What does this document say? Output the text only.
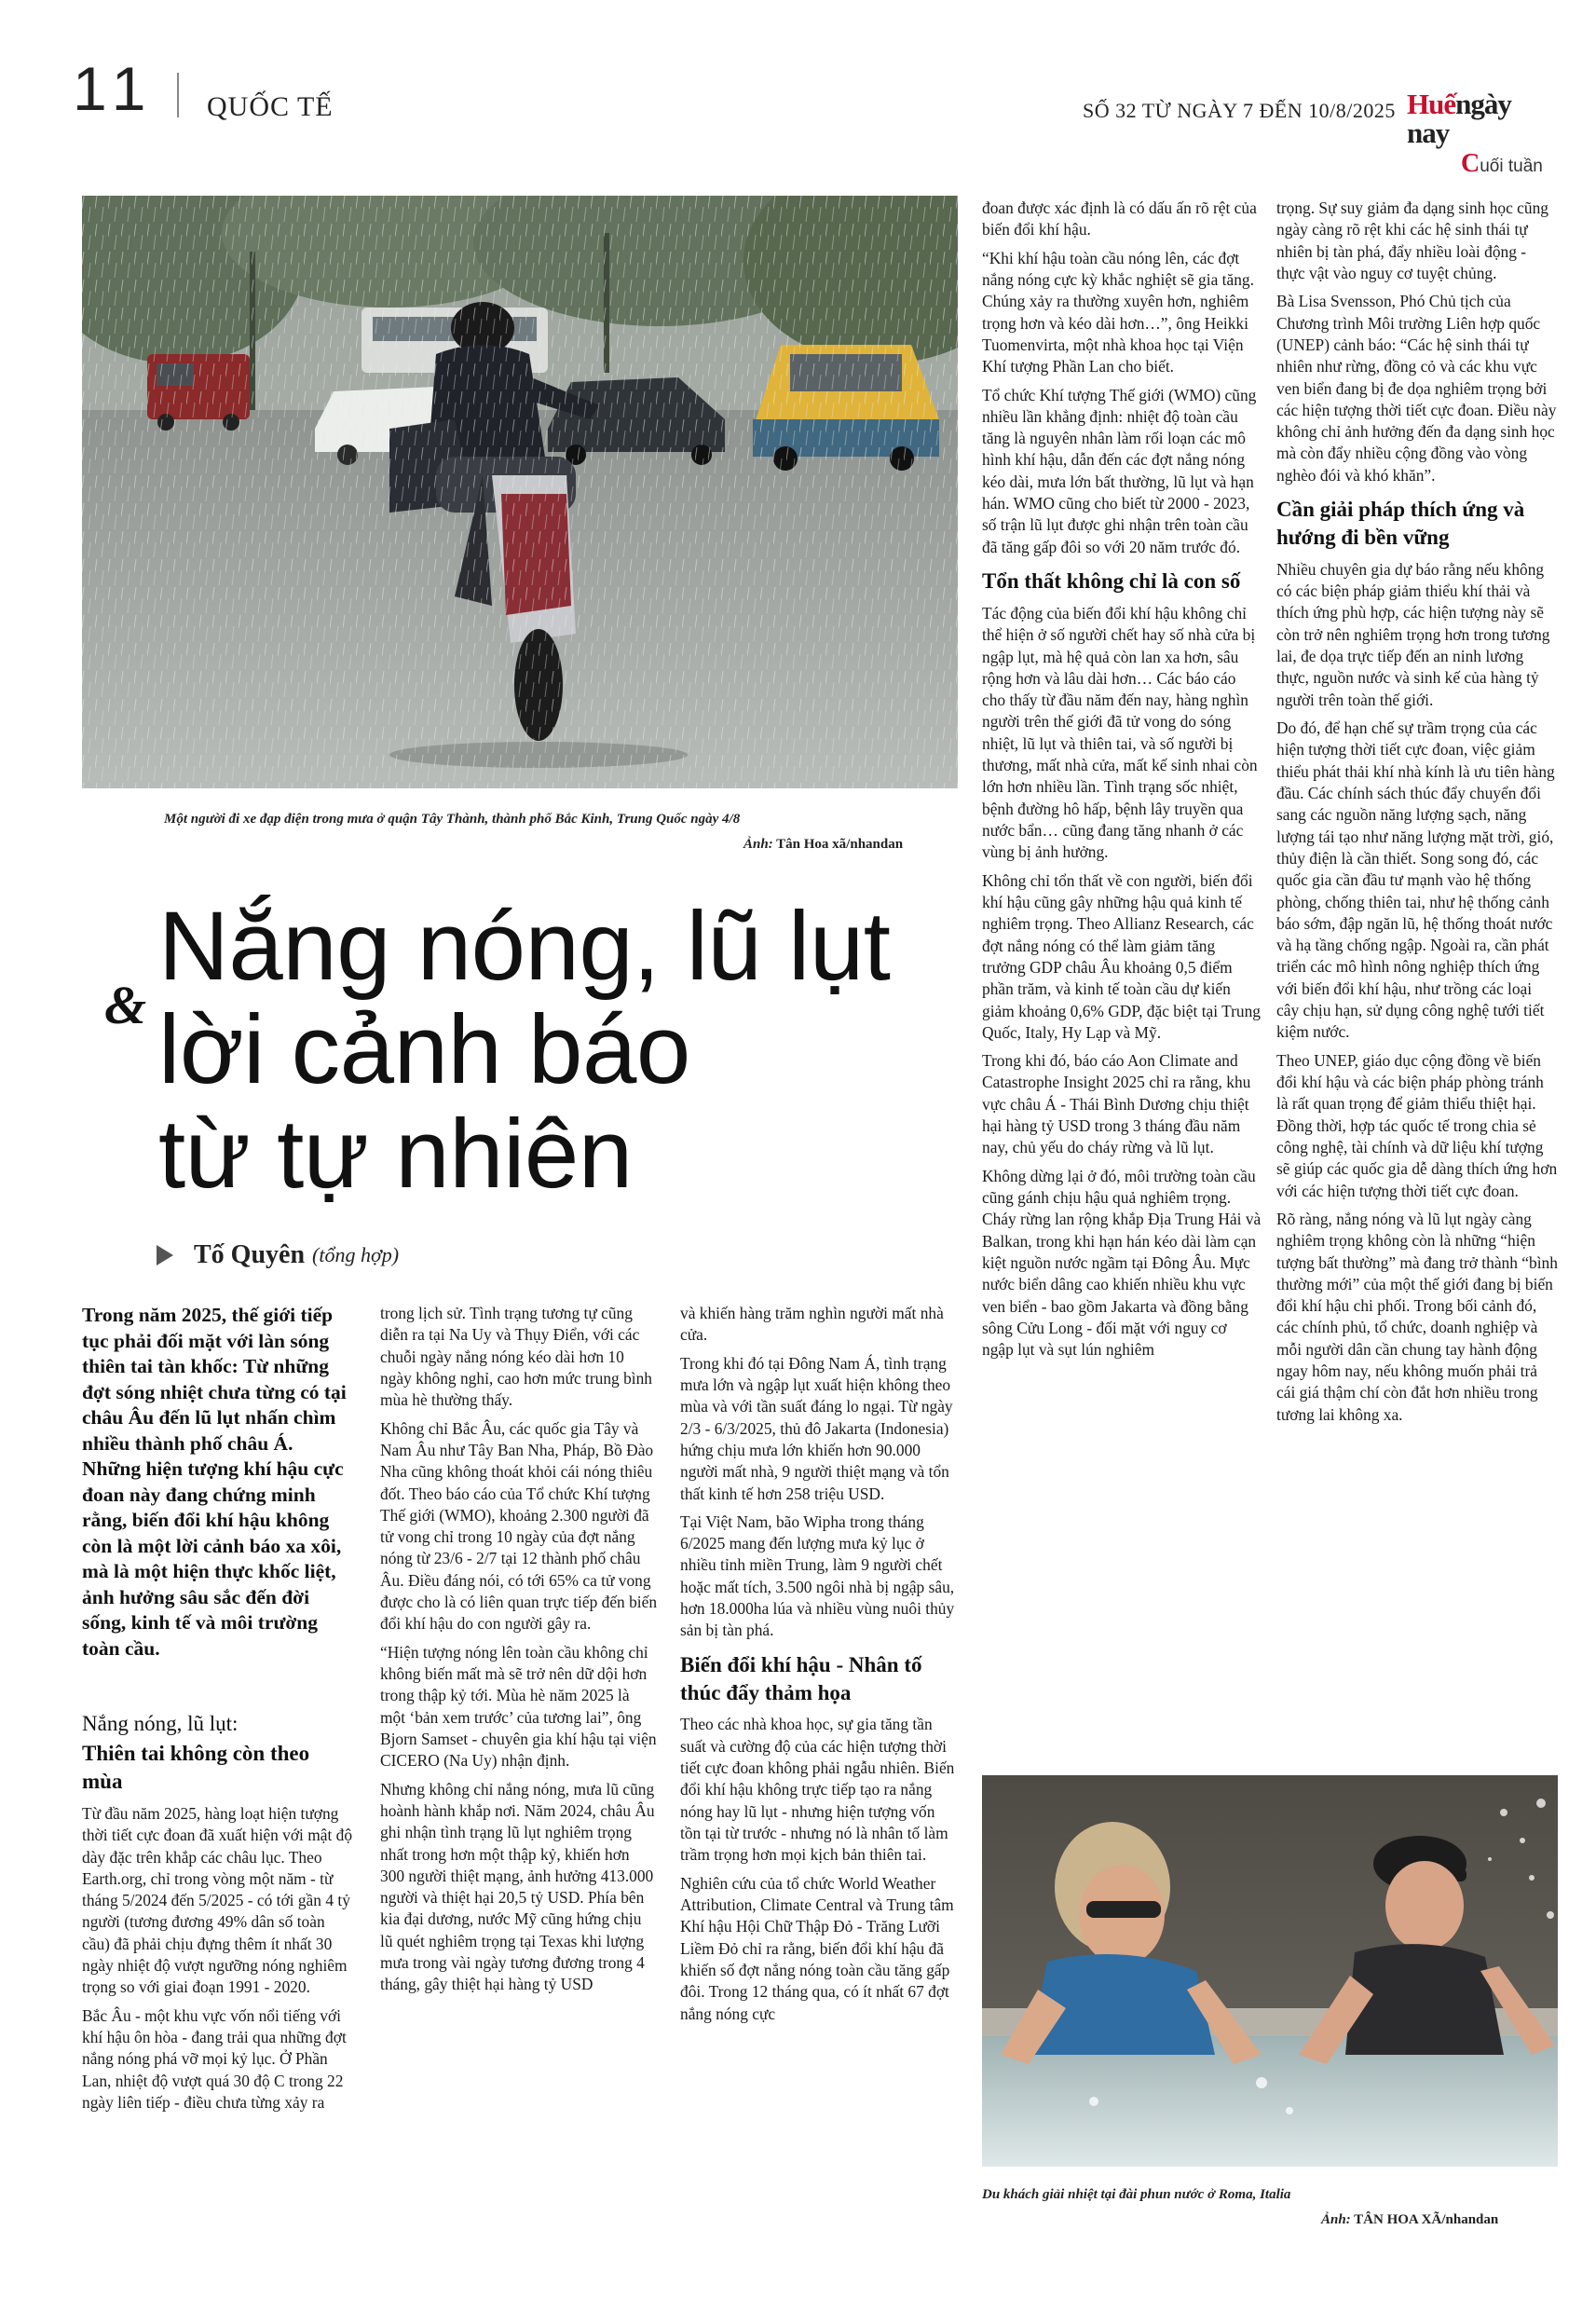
11 QUỐC TẾ	SỐ 32 TỪ NGÀY 7 ĐẾN 10/8/2025 Huếngày nay
Cuối tuần
Một người đi xe đạp điện trong mưa ở quận Tây Thành, thành phố Bắc Kinh, Trung Quốc ngày 4/8
Ảnh: Tân Hoa xã/nhandan
&
Nắng nóng, lũ lụt
lời cảnh báo
từ tự nhiên
Tố Quyên (tổng hợp)

Trong năm 2025, thế giới tiếp tục phải đối mặt với làn sóng thiên tai tàn khốc: Từ những đợt sóng nhiệt chưa từng có tại châu Âu đến lũ lụt nhấn chìm nhiều thành phố châu Á. Những hiện tượng khí hậu cực đoan này đang chứng minh rằng, biến đổi khí hậu không còn là một lời cảnh báo xa xôi, mà là một hiện thực khốc liệt, ảnh hưởng sâu sắc đến đời sống, kinh tế và môi trường toàn cầu.

Nắng nóng, lũ lụt:
Thiên tai không còn theo mùa

Từ đầu năm 2025, hàng loạt hiện tượng thời tiết cực đoan đã xuất hiện với mật độ dày đặc trên khắp các châu lục. Theo Earth.org, chỉ trong vòng một năm - từ tháng 5/2024 đến 5/2025 - có tới gần 4 tỷ người (tương đương 49% dân số toàn cầu) đã phải chịu đựng thêm ít nhất 30 ngày nhiệt độ vượt ngưỡng nóng nghiêm trọng so với giai đoạn 1991 - 2020.

Bắc Âu - một khu vực vốn nổi tiếng với khí hậu ôn hòa - đang trải qua những đợt nắng nóng phá vỡ mọi kỷ lục. Ở Phần Lan, nhiệt độ vượt quá 30 độ C trong 22 ngày liên tiếp - điều chưa từng xảy ra

trong lịch sử. Tình trạng tương tự cũng diễn ra tại Na Uy và Thụy Điển, với các chuỗi ngày nắng nóng kéo dài hơn 10 ngày không nghỉ, cao hơn mức trung bình mùa hè thường thấy.

Không chỉ Bắc Âu, các quốc gia Tây và Nam Âu như Tây Ban Nha, Pháp, Bồ Đào Nha cũng không thoát khỏi cái nóng thiêu đốt. Theo báo cáo của Tổ chức Khí tượng Thế giới (WMO), khoảng 2.300 người đã tử vong chỉ trong 10 ngày của đợt nắng nóng từ 23/6 - 2/7 tại 12 thành phố châu Âu. Điều đáng nói, có tới 65% ca tử vong được cho là có liên quan trực tiếp đến biến đổi khí hậu do con người gây ra.

“Hiện tượng nóng lên toàn cầu không chỉ không biến mất mà sẽ trở nên dữ dội hơn trong thập kỷ tới. Mùa hè năm 2025 là một ‘bản xem trước’ của tương lai”, ông Bjorn Samset - chuyên gia khí hậu tại viện CICERO (Na Uy) nhận định.

Nhưng không chỉ nắng nóng, mưa lũ cũng hoành hành khắp nơi. Năm 2024, châu Âu ghi nhận tình trạng lũ lụt nghiêm trọng nhất trong hơn một thập kỷ, khiến hơn 300 người thiệt mạng, ảnh hưởng 413.000 người và thiệt hại 20,5 tỷ USD. Phía bên kia đại dương, nước Mỹ cũng hứng chịu lũ quét nghiêm trọng tại Texas khi lượng mưa trong vài ngày tương đương trong 4 tháng, gây thiệt hại hàng tỷ USD

và khiến hàng trăm nghìn người mất nhà cửa.

Trong khi đó tại Đông Nam Á, tình trạng mưa lớn và ngập lụt xuất hiện không theo mùa và với tần suất đáng lo ngại. Từ ngày 2/3 - 6/3/2025, thủ đô Jakarta (Indonesia) hứng chịu mưa lớn khiến hơn 90.000 người mất nhà, 9 người thiệt mạng và tổn thất kinh tế hơn 258 triệu USD.

Tại Việt Nam, bão Wipha trong tháng 6/2025 mang đến lượng mưa kỷ lục ở nhiều tỉnh miền Trung, làm 9 người chết hoặc mất tích, 3.500 ngôi nhà bị ngập sâu, hơn 18.000ha lúa và nhiều vùng nuôi thủy sản bị tàn phá.

Biến đổi khí hậu - Nhân tố thúc đẩy thảm họa

Theo các nhà khoa học, sự gia tăng tần suất và cường độ của các hiện tượng thời tiết cực đoan không phải ngẫu nhiên. Biến đổi khí hậu không trực tiếp tạo ra nắng nóng hay lũ lụt - nhưng hiện tượng vốn tồn tại từ trước - nhưng nó là nhân tố làm trầm trọng hơn mọi kịch bản thiên tai.

Nghiên cứu của tổ chức World Weather Attribution, Climate Central và Trung tâm Khí hậu Hội Chữ Thập Đỏ - Trăng Lưỡi Liềm Đỏ chỉ ra rằng, biến đổi khí hậu đã khiến số đợt nắng nóng toàn cầu tăng gấp đôi. Trong 12 tháng qua, có ít nhất 67 đợt nắng nóng cực

đoan được xác định là có dấu ấn rõ rệt của biến đổi khí hậu.

“Khi khí hậu toàn cầu nóng lên, các đợt nắng nóng cực kỳ khắc nghiệt sẽ gia tăng. Chúng xảy ra thường xuyên hơn, nghiêm trọng hơn và kéo dài hơn…”, ông Heikki Tuomenvirta, một nhà khoa học tại Viện Khí tượng Phần Lan cho biết.

Tổ chức Khí tượng Thế giới (WMO) cũng nhiều lần khẳng định: nhiệt độ toàn cầu tăng là nguyên nhân làm rối loạn các mô hình khí hậu, dẫn đến các đợt nắng nóng kéo dài, mưa lớn bất thường, lũ lụt và hạn hán. WMO cũng cho biết từ 2000 - 2023, số trận lũ lụt được ghi nhận trên toàn cầu đã tăng gấp đôi so với 20 năm trước đó.

Tổn thất không chỉ là con số

Tác động của biến đổi khí hậu không chỉ thể hiện ở số người chết hay số nhà cửa bị ngập lụt, mà hệ quả còn lan xa hơn, sâu rộng hơn và lâu dài hơn… Các báo cáo cho thấy từ đầu năm đến nay, hàng nghìn người trên thế giới đã tử vong do sóng nhiệt, lũ lụt và thiên tai, và số người bị thương, mất nhà cửa, mất kế sinh nhai còn lớn hơn nhiều lần. Tình trạng sốc nhiệt, bệnh đường hô hấp, bệnh lây truyền qua nước bẩn… cũng đang tăng nhanh ở các vùng bị ảnh hưởng.

Không chỉ tổn thất về con người, biến đổi khí hậu cũng gây những hậu quả kinh tế nghiêm trọng. Theo Allianz Research, các đợt nắng nóng có thể làm giảm tăng trưởng GDP châu Âu khoảng 0,5 điểm phần trăm, và kinh tế toàn cầu dự kiến giảm khoảng 0,6% GDP, đặc biệt tại Trung Quốc, Italy, Hy Lạp và Mỹ.

Trong khi đó, báo cáo Aon Climate and Catastrophe Insight 2025 chỉ ra rằng, khu vực châu Á - Thái Bình Dương chịu thiệt hại hàng tỷ USD trong 3 tháng đầu năm nay, chủ yếu do cháy rừng và lũ lụt.

Không dừng lại ở đó, môi trường toàn cầu cũng gánh chịu hậu quả nghiêm trọng. Cháy rừng lan rộng khắp Địa Trung Hải và Balkan, trong khi hạn hán kéo dài làm cạn kiệt nguồn nước ngầm tại Đông Âu. Mực nước biển dâng cao khiến nhiều khu vực ven biển - bao gồm Jakarta và đồng bằng sông Cửu Long - đối mặt với nguy cơ ngập lụt và sụt lún nghiêm

trọng. Sự suy giảm đa dạng sinh học cũng ngày càng rõ rệt khi các hệ sinh thái tự nhiên bị tàn phá, đẩy nhiều loài động - thực vật vào nguy cơ tuyệt chủng.

Bà Lisa Svensson, Phó Chủ tịch của Chương trình Môi trường Liên hợp quốc (UNEP) cảnh báo: “Các hệ sinh thái tự nhiên như rừng, đồng cỏ và các khu vực ven biển đang bị đe dọa nghiêm trọng bởi các hiện tượng thời tiết cực đoan. Điều này không chỉ ảnh hưởng đến đa dạng sinh học mà còn đẩy nhiều cộng đồng vào vòng nghèo đói và khó khăn”.

Cần giải pháp thích ứng và hướng đi bền vững

Nhiều chuyên gia dự báo rằng nếu không có các biện pháp giảm thiểu khí thải và thích ứng phù hợp, các hiện tượng này sẽ còn trở nên nghiêm trọng hơn trong tương lai, đe dọa trực tiếp đến an ninh lương thực, nguồn nước và sinh kế của hàng tỷ người trên toàn thế giới.

Do đó, để hạn chế sự trầm trọng của các hiện tượng thời tiết cực đoan, việc giảm thiểu phát thải khí nhà kính là ưu tiên hàng đầu. Các chính sách thúc đẩy chuyển đổi sang các nguồn năng lượng sạch, năng lượng tái tạo như năng lượng mặt trời, gió, thủy điện là cần thiết. Song song đó, các quốc gia cần đầu tư mạnh vào hệ thống phòng, chống thiên tai, như hệ thống cảnh báo sớm, đập ngăn lũ, hệ thống thoát nước và hạ tầng chống ngập. Ngoài ra, cần phát triển các mô hình nông nghiệp thích ứng với biến đổi khí hậu, như trồng các loại cây chịu hạn, sử dụng công nghệ tưới tiết kiệm nước.

Theo UNEP, giáo dục cộng đồng về biến đổi khí hậu và các biện pháp phòng tránh là rất quan trọng để giảm thiểu thiệt hại. Đồng thời, hợp tác quốc tế trong chia sẻ công nghệ, tài chính và dữ liệu khí tượng sẽ giúp các quốc gia dễ dàng thích ứng hơn với các hiện tượng thời tiết cực đoan.

Rõ ràng, nắng nóng và lũ lụt ngày càng nghiêm trọng không còn là những “hiện tượng bất thường” mà đang trở thành “bình thường mới” của một thế giới đang bị biến đổi khí hậu chi phối. Trong bối cảnh đó, các chính phủ, tổ chức, doanh nghiệp và mỗi người dân cần chung tay hành động ngay hôm nay, nếu không muốn phải trả cái giá thậm chí còn đắt hơn nhiều trong tương lai không xa.

Du khách giải nhiệt tại đài phun nước ở Roma, Italia
Ảnh: TÂN HOA XÃ/nhandan
